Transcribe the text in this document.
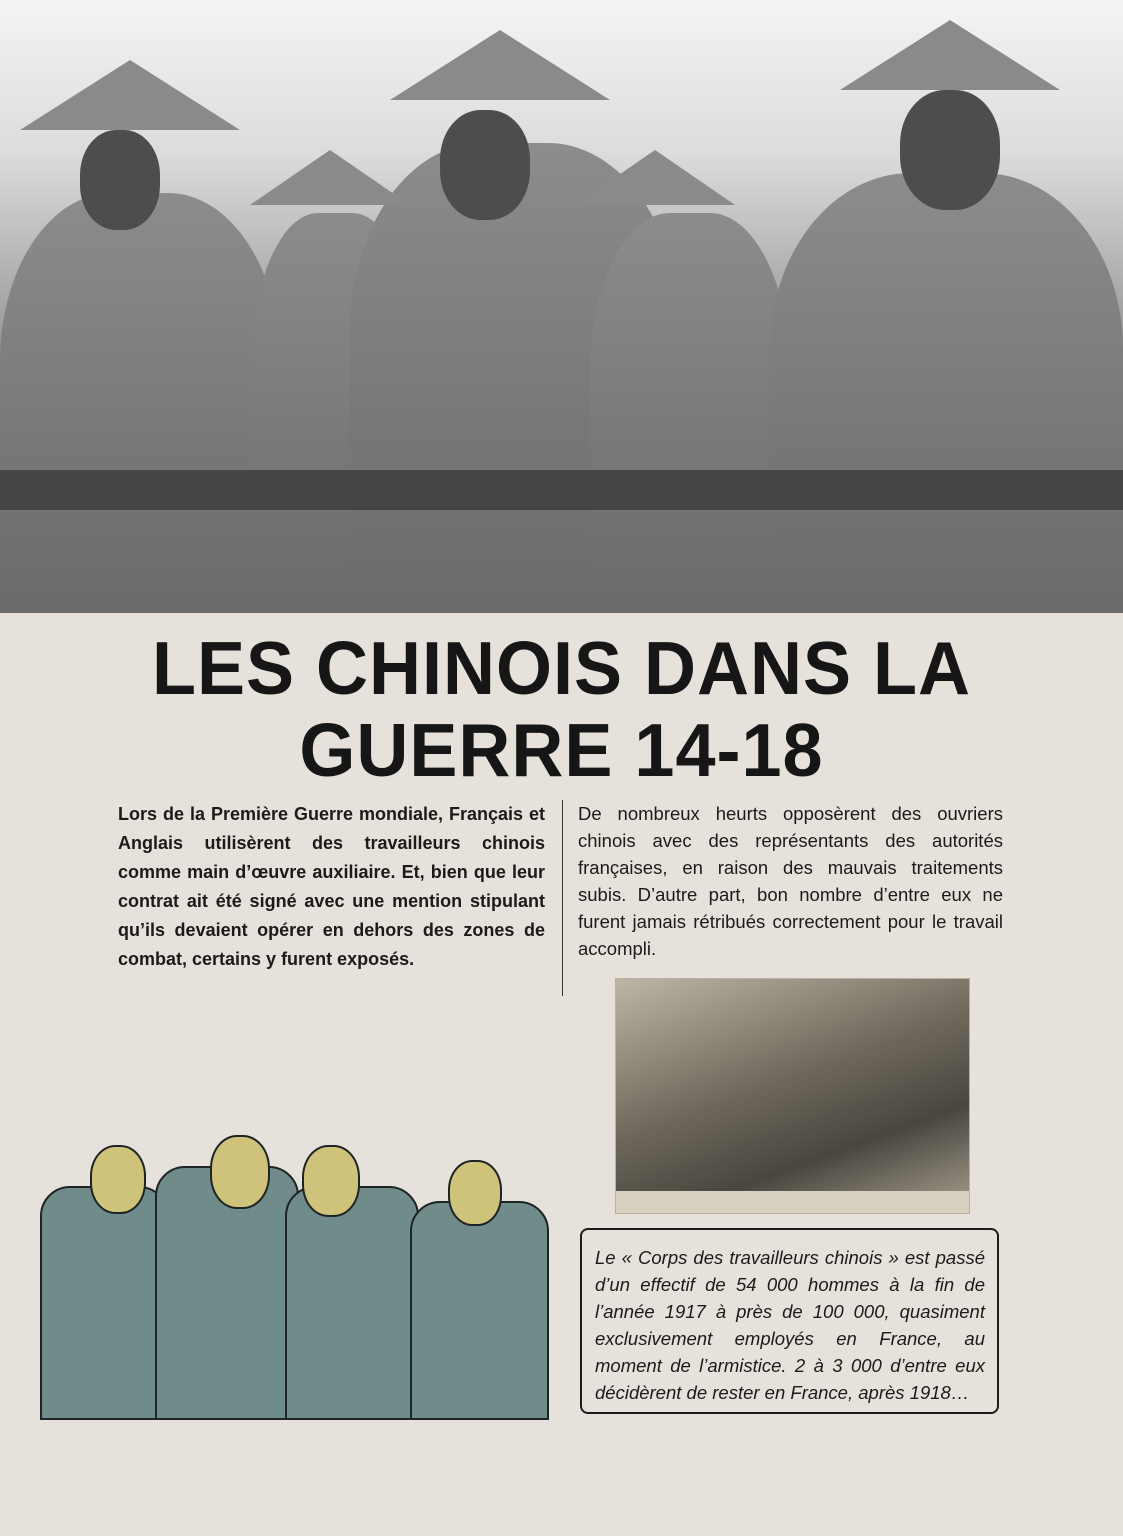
LES CHINOIS DANS LA
GUERRE 14-18
Lors de la Première Guerre mondiale, Français et Anglais utilisèrent des travailleurs chinois comme main d’œuvre auxiliaire. Et, bien que leur contrat ait été signé avec une mention stipulant qu’ils devaient opérer en dehors des zones de combat, certains y furent exposés.
De nombreux heurts opposèrent des ouvriers chinois avec des représentants des autorités françaises, en raison des mauvais traitements subis. D’autre part, bon nombre d’entre eux ne furent jamais rétribués correctement pour le travail accompli.
Le « Corps des travailleurs chinois » est passé d’un effectif de 54 000 hommes à la fin de l’année 1917 à près de 100 000, quasiment exclusivement employés en France, au moment de l’armistice. 2 à 3 000 d’entre eux décidèrent de rester en France, après 1918…
